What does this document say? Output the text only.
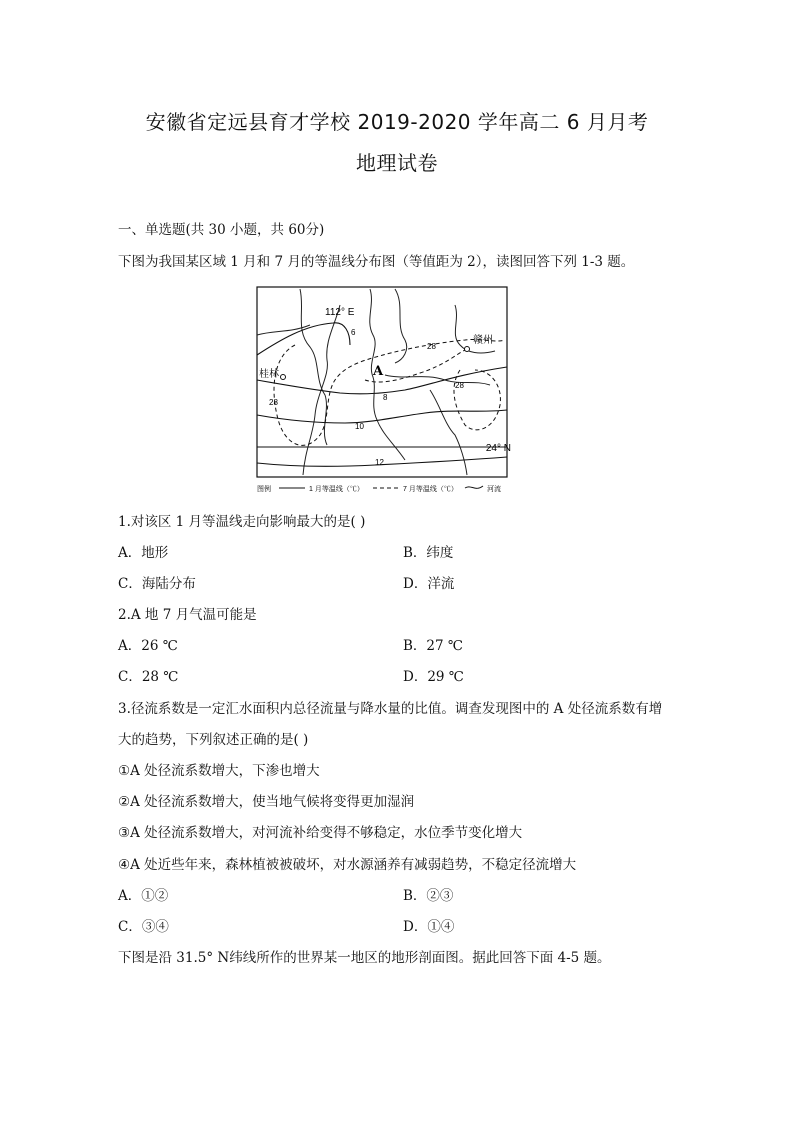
安徽省定远县育才学校 2019-2020 学年高二 6 月月考
地理试卷
一、单选题(共 30 小题，共 60分)
下图为我国某区域 1 月和 7 月的等温线分布图（等值距为 2），读图回答下列 1-3 题。
112° E
赣州
桂林	A
24° N
6
8
10
12
28
28
28
图例	1 月等温线（℃）	7 月等温线（℃）	河流
1.对该区 1 月等温线走向影响最大的是( )
A．地形	B．纬度
C．海陆分布	D．洋流
2.A 地 7 月气温可能是
A．26 ℃	B．27 ℃
C．28 ℃	D．29 ℃
3.径流系数是一定汇水面积内总径流量与降水量的比值。调查发现图中的 A 处径流系数有增
大的趋势，下列叙述正确的是( )
①A 处径流系数增大，下渗也增大
②A 处径流系数增大，使当地气候将变得更加湿润
③A 处径流系数增大，对河流补给变得不够稳定，水位季节变化增大
④A 处近些年来，森林植被被破坏，对水源涵养有减弱趋势，不稳定径流增大
A．①②	B．②③
C．③④	D．①④
下图是沿 31.5° N纬线所作的世界某一地区的地形剖面图。据此回答下面 4-5 题。
